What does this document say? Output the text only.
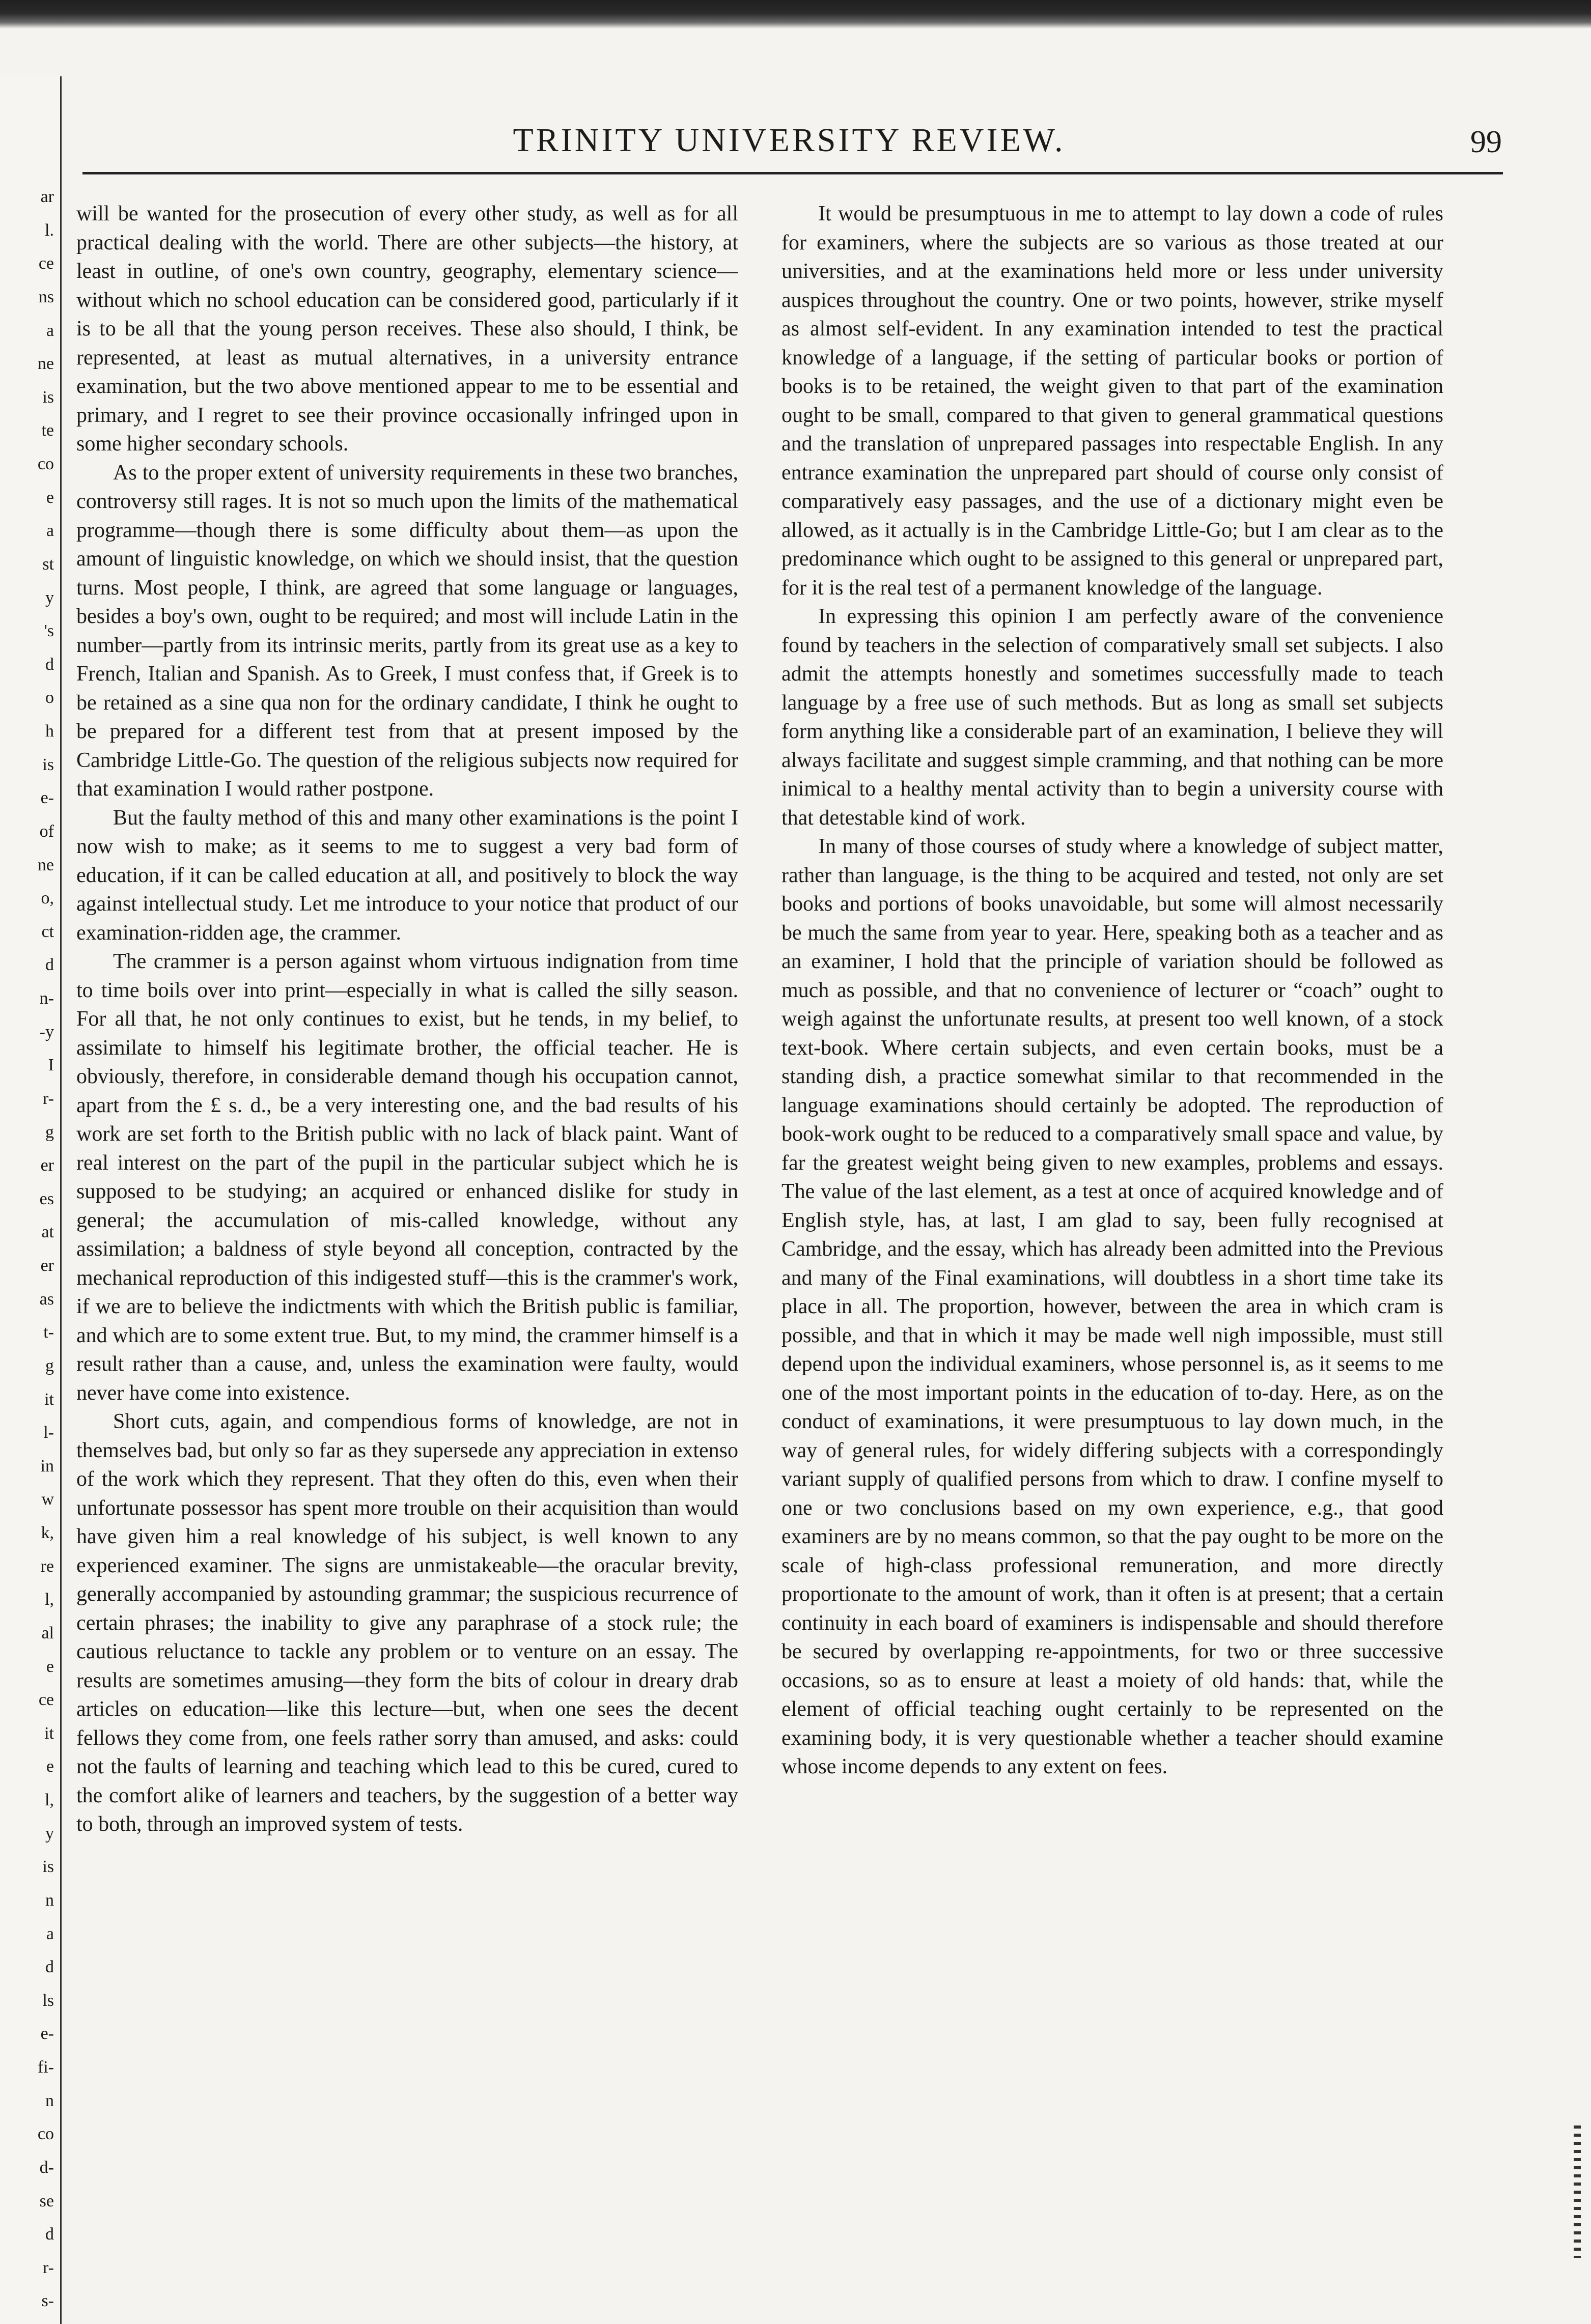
ar
l.
ce
ns
a
ne
is
te
co
e
a
st
y
's
d
o
h
is
e-
of
ne
o,
ct
d
n-
-y
I
r-
g
er
es
at
er
as
t-
g
it
l-
in
w
k,
re
l,
al
e
ce
it
e
l,
y
is
n
a
d
ls
e-
fi-
n
co
d-
se
d
r-
s-
TRINITY UNIVERSITY REVIEW.	99

will be wanted for the prosecution of every other study, as well as for all practical dealing with the world. There are other subjects—the history, at least in outline, of one's own country, geography, elementary science—without which no school education can be considered good, particularly if it is to be all that the young person receives. These also should, I think, be represented, at least as mutual alternatives, in a university entrance examination, but the two above mentioned appear to me to be essential and primary, and I regret to see their province occasionally infringed upon in some higher secondary schools.

As to the proper extent of university requirements in these two branches, controversy still rages. It is not so much upon the limits of the mathematical programme—though there is some difficulty about them—as upon the amount of linguistic knowledge, on which we should insist, that the question turns. Most people, I think, are agreed that some language or languages, besides a boy's own, ought to be required; and most will include Latin in the number—partly from its intrinsic merits, partly from its great use as a key to French, Italian and Spanish. As to Greek, I must confess that, if Greek is to be retained as a sine qua non for the ordinary candidate, I think he ought to be prepared for a different test from that at present imposed by the Cambridge Little-Go. The question of the religious subjects now required for that examination I would rather postpone.

But the faulty method of this and many other examinations is the point I now wish to make; as it seems to me to suggest a very bad form of education, if it can be called education at all, and positively to block the way against intellectual study. Let me introduce to your notice that product of our examination-ridden age, the crammer.

The crammer is a person against whom virtuous indignation from time to time boils over into print—especially in what is called the silly season. For all that, he not only continues to exist, but he tends, in my belief, to assimilate to himself his legitimate brother, the official teacher. He is obviously, therefore, in considerable demand though his occupation cannot, apart from the £ s. d., be a very interesting one, and the bad results of his work are set forth to the British public with no lack of black paint. Want of real interest on the part of the pupil in the particular subject which he is supposed to be studying; an acquired or enhanced dislike for study in general; the accumulation of mis-called knowledge, without any assimilation; a baldness of style beyond all conception, contracted by the mechanical reproduction of this indigested stuff—this is the crammer's work, if we are to believe the indictments with which the British public is familiar, and which are to some extent true. But, to my mind, the crammer himself is a result rather than a cause, and, unless the examination were faulty, would never have come into existence.

Short cuts, again, and compendious forms of knowledge, are not in themselves bad, but only so far as they supersede any appreciation in extenso of the work which they represent. That they often do this, even when their unfortunate possessor has spent more trouble on their acquisition than would have given him a real knowledge of his subject, is well known to any experienced examiner. The signs are unmistakeable—the oracular brevity, generally accompanied by astounding grammar; the suspicious recurrence of certain phrases; the inability to give any paraphrase of a stock rule; the cautious reluctance to tackle any problem or to venture on an essay. The results are sometimes amusing—they form the bits of colour in dreary drab articles on education—like this lecture—but, when one sees the decent fellows they come from, one feels rather sorry than amused, and asks: could not the faults of learning and teaching which lead to this be cured, cured to the comfort alike of learners and teachers, by the suggestion of a better way to both, through an improved system of tests.

It would be presumptuous in me to attempt to lay down a code of rules for examiners, where the subjects are so various as those treated at our universities, and at the examinations held more or less under university auspices throughout the country. One or two points, however, strike myself as almost self-evident. In any examination intended to test the practical knowledge of a language, if the setting of particular books or portion of books is to be retained, the weight given to that part of the examination ought to be small, compared to that given to general grammatical questions and the translation of unprepared passages into respectable English. In any entrance examination the unprepared part should of course only consist of comparatively easy passages, and the use of a dictionary might even be allowed, as it actually is in the Cambridge Little-Go; but I am clear as to the predominance which ought to be assigned to this general or unprepared part, for it is the real test of a permanent knowledge of the language.

In expressing this opinion I am perfectly aware of the convenience found by teachers in the selection of comparatively small set subjects. I also admit the attempts honestly and sometimes successfully made to teach language by a free use of such methods. But as long as small set subjects form anything like a considerable part of an examination, I believe they will always facilitate and suggest simple cramming, and that nothing can be more inimical to a healthy mental activity than to begin a university course with that detestable kind of work.

In many of those courses of study where a knowledge of subject matter, rather than language, is the thing to be acquired and tested, not only are set books and portions of books unavoidable, but some will almost necessarily be much the same from year to year. Here, speaking both as a teacher and as an examiner, I hold that the principle of variation should be followed as much as possible, and that no convenience of lecturer or “coach” ought to weigh against the unfortunate results, at present too well known, of a stock text-book. Where certain subjects, and even certain books, must be a standing dish, a practice somewhat similar to that recommended in the language examinations should certainly be adopted. The reproduction of book-work ought to be reduced to a comparatively small space and value, by far the greatest weight being given to new examples, problems and essays. The value of the last element, as a test at once of acquired knowledge and of English style, has, at last, I am glad to say, been fully recognised at Cambridge, and the essay, which has already been admitted into the Previous and many of the Final examinations, will doubtless in a short time take its place in all. The proportion, however, between the area in which cram is possible, and that in which it may be made well nigh impossible, must still depend upon the individual examiners, whose personnel is, as it seems to me one of the most important points in the education of to-day. Here, as on the conduct of examinations, it were presumptuous to lay down much, in the way of general rules, for widely differing subjects with a correspondingly variant supply of qualified persons from which to draw. I confine myself to one or two conclusions based on my own experience, e.g., that good examiners are by no means common, so that the pay ought to be more on the scale of high-class professional remuneration, and more directly proportionate to the amount of work, than it often is at present; that a certain continuity in each board of examiners is indispensable and should therefore be secured by overlapping re-appointments, for two or three successive occasions, so as to ensure at least a moiety of old hands: that, while the element of official teaching ought certainly to be represented on the examining body, it is very questionable whether a teacher should examine whose income depends to any extent on fees.
